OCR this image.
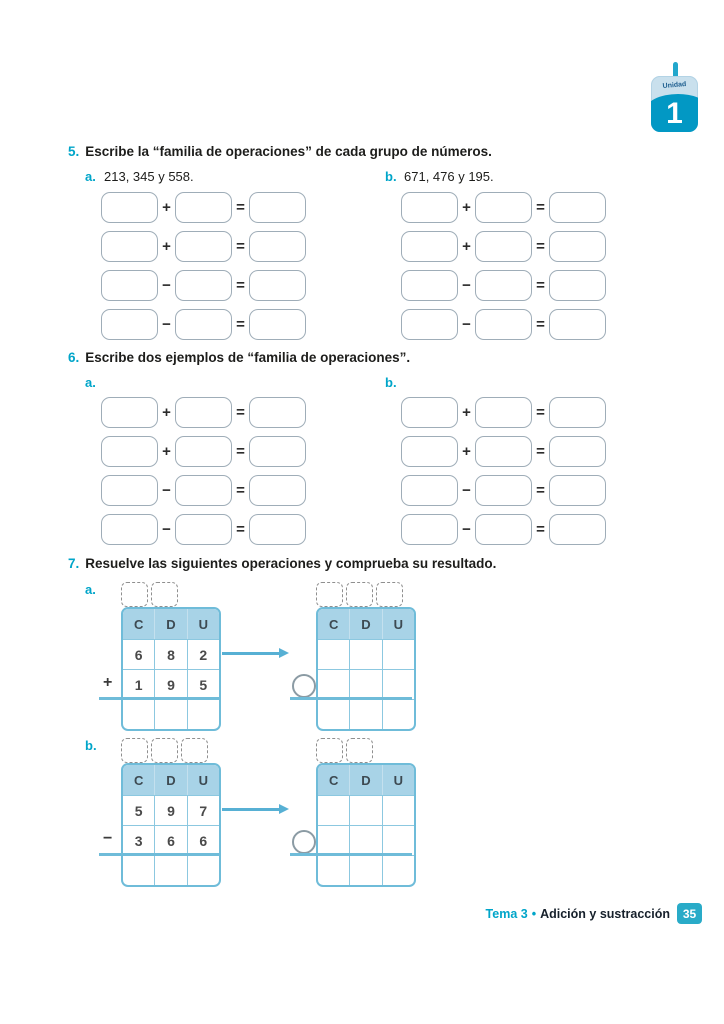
Unidad
1
5. Escribe la “familia de operaciones” de cada grupo de números.
a. 213, 345 y 558.	b. 671, 476 y 195.
+	=
+	=
−	=
−	=
+	=
+	=
−	=
−	=
6. Escribe dos ejemplos de “familia de operaciones”.
a.	b.
+	=
+	=
−	=
−	=
+	=
+	=
−	=
−	=
7. Resuelve las siguientes operaciones y comprueba su resultado.
a.
b.
C	D	U
6	8	2
1	9	5
+
C	D	U
C	D	U
5	9	7
3	6	6
−
C	D	U
Tema 3 • Adición y sustracción	35
